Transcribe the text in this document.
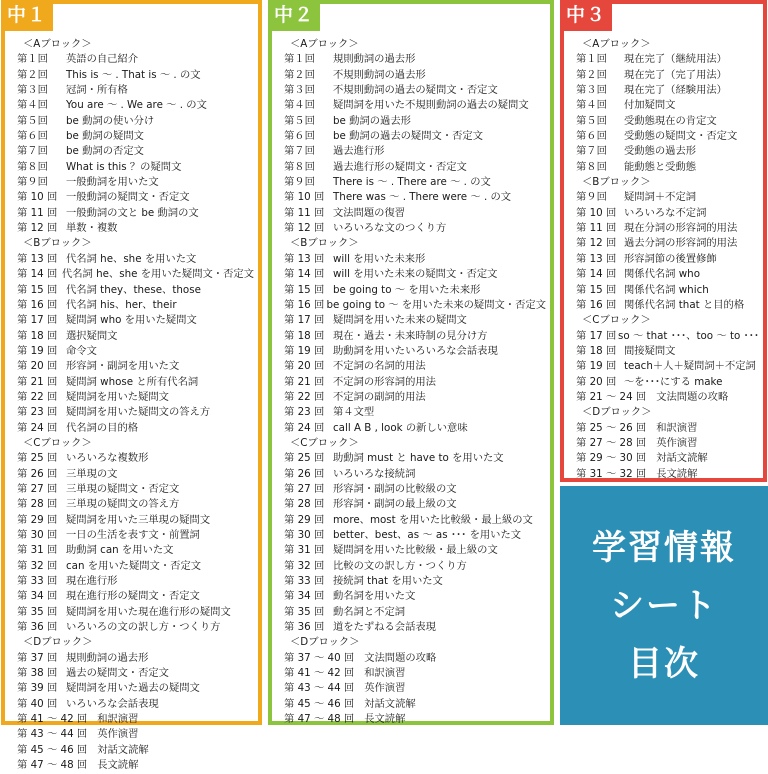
中１
＜Aブロック＞
第１回	英語の自己紹介
第２回	This is ～ . That is ～ . の文
第３回	冠詞・所有格
第４回	You are ～ . We are ～ . の文
第５回	be 動詞の使い分け
第６回	be 動詞の疑問文
第７回	be 動詞の否定文
第８回	What is this ？の疑問文
第９回	一般動詞を用いた文
第 10 回 一般動詞の疑問文・否定文
第 11 回 一般動詞の文と be 動詞の文
第 12 回 単数・複数
＜Bブロック＞
第 13 回 代名詞 he、she を用いた文
第 14 回 代名詞 he、she を用いた疑問文・否定文
第 15 回 代名詞 they、these、those
第 16 回 代名詞 his、her、their
第 17 回 疑問詞 who を用いた疑問文
第 18 回 選択疑問文
第 19 回 命令文
第 20 回 形容詞・副詞を用いた文
第 21 回 疑問詞 whose と所有代名詞
第 22 回 疑問詞を用いた疑問文
第 23 回 疑問詞を用いた疑問文の答え方
第 24 回 代名詞の目的格
＜Cブロック＞
第 25 回 いろいろな複数形
第 26 回 三単現の文
第 27 回 三単現の疑問文・否定文
第 28 回 三単現の疑問文の答え方
第 29 回 疑問詞を用いた三単現の疑問文
第 30 回 一日の生活を表す文・前置詞
第 31 回 助動詞 can を用いた文
第 32 回 can を用いた疑問文・否定文
第 33 回 現在進行形
第 34 回 現在進行形の疑問文・否定文
第 35 回 疑問詞を用いた現在進行形の疑問文
第 36 回 いろいろの文の訳し方・つくり方
＜Dブロック＞
第 37 回 規則動詞の過去形
第 38 回 過去の疑問文・否定文
第 39 回 疑問詞を用いた過去の疑問文
第 40 回 いろいろな会話表現
第 41 ～ 42 回 和訳演習
第 43 ～ 44 回 英作演習
第 45 ～ 46 回 対話文読解
第 47 ～ 48 回 長文読解
中２
＜Aブロック＞
第１回	規則動詞の過去形
第２回	不規則動詞の過去形
第３回	不規則動詞の過去の疑問文・否定文
第４回	疑問詞を用いた不規則動詞の過去の疑問文
第５回	be 動詞の過去形
第６回	be 動詞の過去の疑問文・否定文
第７回	過去進行形
第８回	過去進行形の疑問文・否定文
第９回	There is ～ . There are ～ . の文
第 10 回 There was ～ . There were ～ . の文
第 11 回 文法問題の復習
第 12 回 いろいろな文のつくり方
＜Bブロック＞
第 13 回 will を用いた未来形
第 14 回 will を用いた未来の疑問文・否定文
第 15 回 be going to ～ を用いた未来形
第 16 回 be going to ～ を用いた未来の疑問文・否定文
第 17 回 疑問詞を用いた未来の疑問文
第 18 回 現在・過去・未来時制の見分け方
第 19 回 助動詞を用いたいろいろな会話表現
第 20 回 不定詞の名詞的用法
第 21 回 不定詞の形容詞的用法
第 22 回 不定詞の副詞的用法
第 23 回 第４文型
第 24 回 call A B , look の新しい意味
＜Cブロック＞
第 25 回 助動詞 must と have to を用いた文
第 26 回 いろいろな接続詞
第 27 回 形容詞・副詞の比較級の文
第 28 回 形容詞・副詞の最上級の文
第 29 回 more、most を用いた比較級・最上級の文
第 30 回 better、best、as ～ as ･･･ を用いた文
第 31 回 疑問詞を用いた比較級・最上級の文
第 32 回 比較の文の訳し方・つくり方
第 33 回 接続詞 that を用いた文
第 34 回 動名詞を用いた文
第 35 回 動名詞と不定詞
第 36 回 道をたずねる会話表現
＜Dブロック＞
第 37 ～ 40 回 文法問題の攻略
第 41 ～ 42 回 和訳演習
第 43 ～ 44 回 英作演習
第 45 ～ 46 回 対話文読解
第 47 ～ 48 回 長文読解
中３
＜Aブロック＞
第１回	現在完了（継続用法）
第２回	現在完了（完了用法）
第３回	現在完了（経験用法）
第４回	付加疑問文
第５回	受動態現在の肯定文
第６回	受動態の疑問文・否定文
第７回	受動態の過去形
第８回	能動態と受動態
＜Bブロック＞
第９回	疑問詞＋不定詞
第 10 回 いろいろな不定詞
第 11 回 現在分詞の形容詞的用法
第 12 回 過去分詞の形容詞的用法
第 13 回 形容詞節の後置修飾
第 14 回 関係代名詞 who
第 15 回 関係代名詞 which
第 16 回 関係代名詞 that と目的格
＜Cブロック＞
第 17 回 so ～ that ･･･、too ～ to ･･･
第 18 回 間接疑問文
第 19 回 teach＋人＋疑問詞＋不定詞
第 20 回 ～を･･･にする make
第 21 ～ 24 回 文法問題の攻略
＜Dブロック＞
第 25 ～ 26 回 和訳演習
第 27 ～ 28 回 英作演習
第 29 ～ 30 回 対話文読解
第 31 ～ 32 回 長文読解
学習情報
シート
目次
